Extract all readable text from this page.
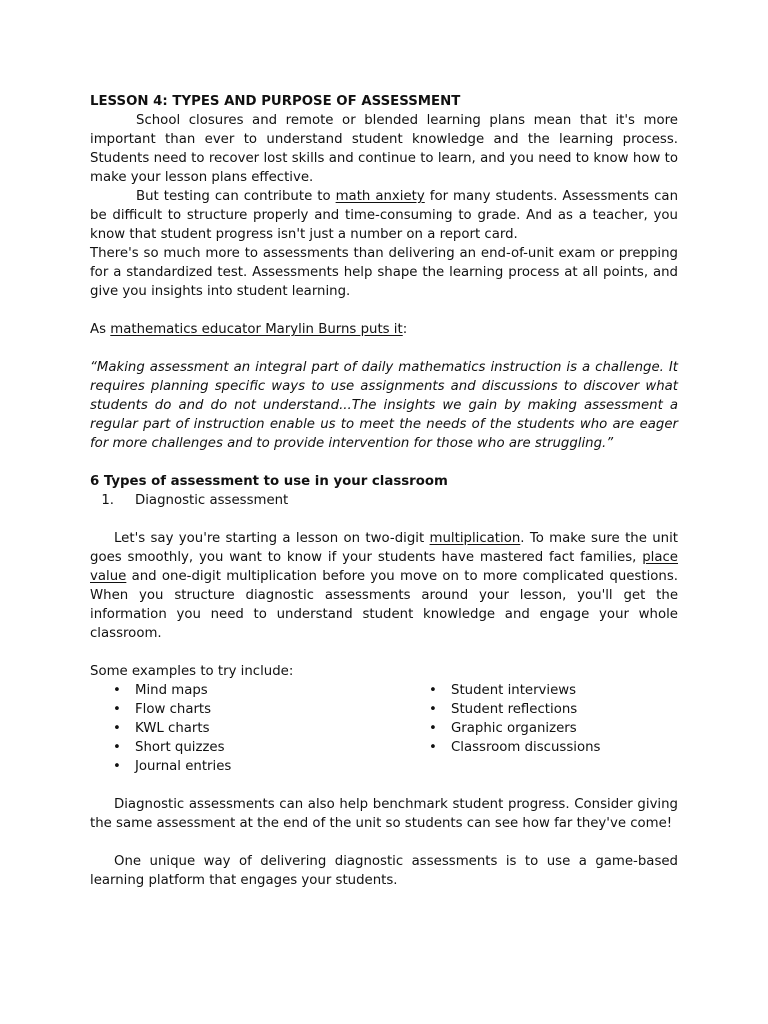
LESSON 4: TYPES AND PURPOSE OF ASSESSMENT

School closures and remote or blended learning plans mean that it's more important than ever to understand student knowledge and the learning process. Students need to recover lost skills and continue to learn, and you need to know how to make your lesson plans effective.

But testing can contribute to math anxiety for many students. Assessments can be difficult to structure properly and time-consuming to grade. And as a teacher, you know that student progress isn't just a number on a report card.

There's so much more to assessments than delivering an end-of-unit exam or prepping for a standardized test. Assessments help shape the learning process at all points, and give you insights into student learning.

As mathematics educator Marylin Burns puts it:

“Making assessment an integral part of daily mathematics instruction is a challenge. It requires planning specific ways to use assignments and discussions to discover what students do and do not understand...The insights we gain by making assessment a regular part of instruction enable us to meet the needs of the students who are eager for more challenges and to provide intervention for those who are struggling.”

6 Types of assessment to use in your classroom
1.	Diagnostic assessment

Let's say you're starting a lesson on two-digit multiplication. To make sure the unit goes smoothly, you want to know if your students have mastered fact families, place value and one-digit multiplication before you move on to more complicated questions. When you structure diagnostic assessments around your lesson, you'll get the information you need to understand student knowledge and engage your whole classroom.

Some examples to try include:

•	Mind maps
•	Flow charts
•	KWL charts
•	Short quizzes
•	Journal entries
•	Student interviews
•	Student reflections
•	Graphic organizers
•	Classroom discussions

Diagnostic assessments can also help benchmark student progress. Consider giving the same assessment at the end of the unit so students can see how far they've come!

One unique way of delivering diagnostic assessments is to use a game-based learning platform that engages your students.
